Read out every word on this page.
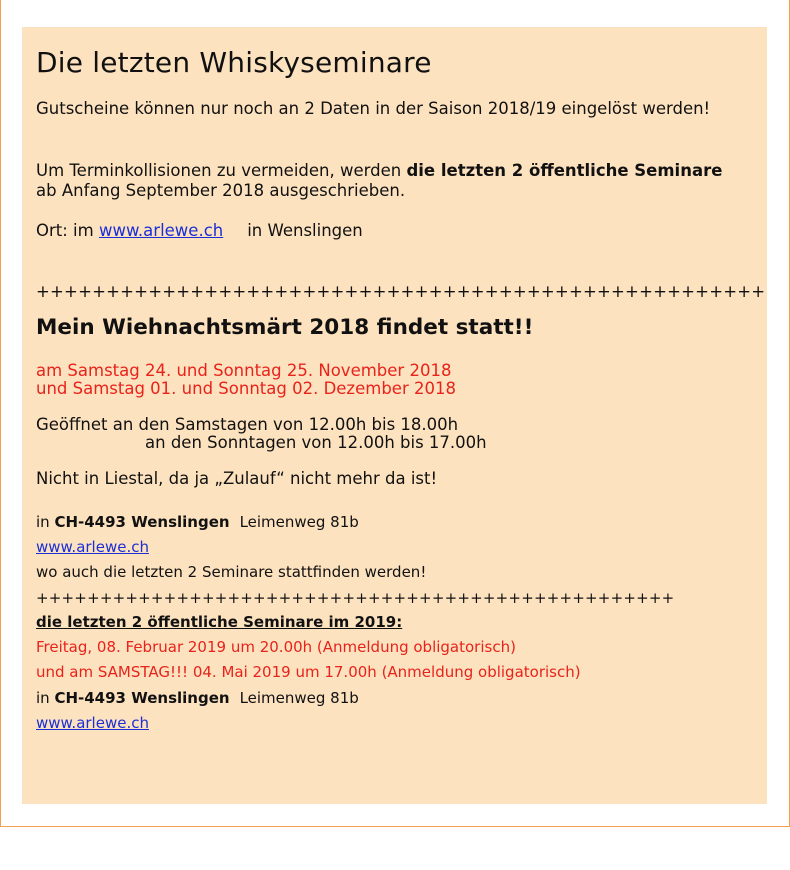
Die letzten Whiskyseminare
Gutscheine können nur noch an 2 Daten in der Saison 2018/19 eingelöst werden!
Um Terminkollisionen zu vermeiden, werden die letzten 2 öffentliche Seminare
ab Anfang September 2018 ausgeschrieben.
Ort: im www.arlewe.ch in Wenslingen
++++++++++++++++++++++++++++++++++++++++++++++++++++
Mein Wiehnachtsmärt 2018 findet statt!!
am Samstag 24. und Sonntag 25. November 2018
und Samstag 01. und Sonntag 02. Dezember 2018
Geöffnet an den Samstagen von 12.00h bis 18.00h
an den Sonntagen von 12.00h bis 17.00h
Nicht in Liestal, da ja „Zulauf“ nicht mehr da ist!
in CH-4493 Wenslingen Leimenweg 81b
www.arlewe.ch
wo auch die letzten 2 Seminare stattfinden werden!
++++++++++++++++++++++++++++++++++++++++++++++++++
die letzten 2 öffentliche Seminare im 2019:
Freitag, 08. Februar 2019 um 20.00h (Anmeldung obligatorisch)
und am SAMSTAG!!! 04. Mai 2019 um 17.00h (Anmeldung obligatorisch)
in CH-4493 Wenslingen Leimenweg 81b
www.arlewe.ch
